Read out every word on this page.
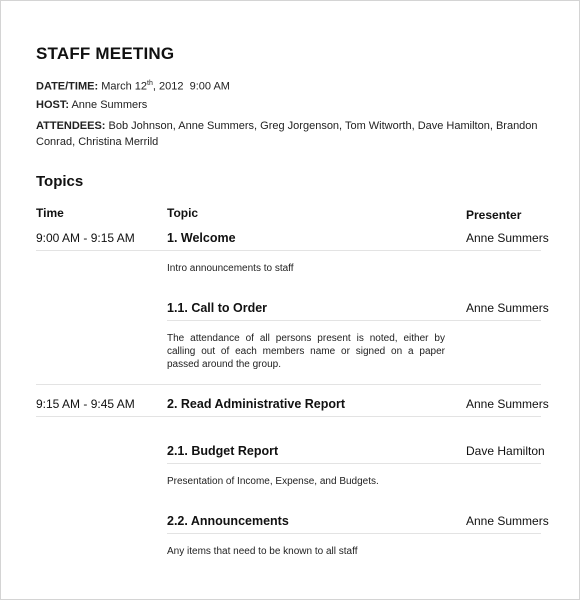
STAFF MEETING
DATE/TIME: March 12th, 2012  9:00 AM
HOST: Anne Summers
ATTENDEES: Bob Johnson, Anne Summers, Greg Jorgenson, Tom Witworth, Dave Hamilton, Brandon
Conrad, Christina Merrild
Topics
Time	Topic	Presenter
9:00 AM - 9:15 AM	1. Welcome	Anne Summers
Intro announcements to staff
1.1. Call to Order	Anne Summers
The attendance of all persons present is noted, either by calling out of each members name or signed on a paper passed around the group.
9:15 AM - 9:45 AM	2. Read Administrative Report	Anne Summers
2.1. Budget Report	Dave Hamilton
Presentation of Income, Expense, and Budgets.
2.2. Announcements	Anne Summers
Any items that need to be known to all staff
